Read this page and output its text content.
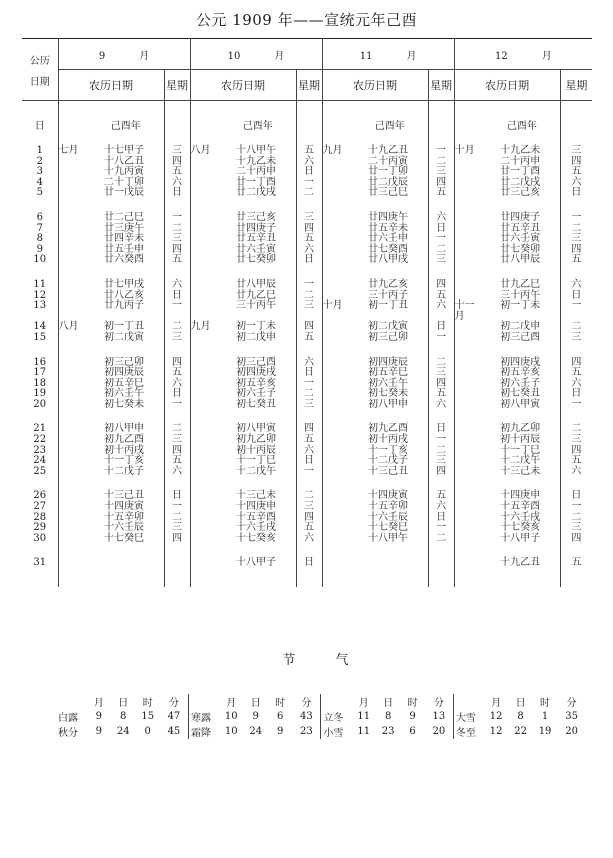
公元 1909 年——宣统元年己酉
公历
日期	9 月				10 月				11 月				12 月			
	农历日期			星期	农历日期			星期	农历日期			星期	农历日期			星期
日		己酉年				己酉年				己酉年				己酉年		

1	七月	十七	甲子	三	八月	十八	甲午	五	九月	十九	乙丑	一	十月	十九	乙未	三
2		十八	乙丑	四		十九	乙未	六		二十	丙寅	二		二十	丙申	四
3		十九	丙寅	五		二十	丙申	日		廿一	丁卯	三		廿一	丁酉	五
4		二十	丁卯	六		廿一	丁酉	一		廿二	戊辰	四		廿二	戊戌	六
5		廿一	戊辰	日		廿二	戊戌	二		廿三	己巳	五		廿三	己亥	日

6		廿二	己巳	一		廿三	己亥	三		廿四	庚午	六		廿四	庚子	一
7		廿三	庚午	二		廿四	庚子	四		廿五	辛未	日		廿五	辛丑	二
8		廿四	辛未	三		廿五	辛丑	五		廿六	壬申	一		廿六	壬寅	三
9		廿五	壬申	四		廿六	壬寅	六		廿七	癸酉	二		廿七	癸卯	四
10		廿六	癸酉	五		廿七	癸卯	日		廿八	甲戌	三		廿八	甲辰	五

11		廿七	甲戌	六		廿八	甲辰	一		廿九	乙亥	四		廿九	乙巳	六
12		廿八	乙亥	日		廿九	乙巳	二		三十	丙子	五		三十	丙午	日
13		廿九	丙子	一		三十	丙午	三	十月	初一	丁丑	六	十一月	初一	丁未	一
14	八月	初一	丁丑	二	九月	初一	丁未	四		初二	戊寅	日		初二	戊申	二
15		初二	戊寅	三		初二	戊申	五		初三	己卯	一		初三	己酉	三

16		初三	己卯	四		初三	己酉	六		初四	庚辰	二		初四	庚戌	四
17		初四	庚辰	五		初四	庚戌	日		初五	辛巳	三		初五	辛亥	五
18		初五	辛巳	六		初五	辛亥	一		初六	壬午	四		初六	壬子	六
19		初六	壬午	日		初六	壬子	二		初七	癸未	五		初七	癸丑	日
20		初七	癸未	一		初七	癸丑	三		初八	甲申	六		初八	甲寅	一

21		初八	甲申	二		初八	甲寅	四		初九	乙酉	日		初九	乙卯	二
22		初九	乙酉	三		初九	乙卯	五		初十	丙戌	一		初十	丙辰	三
23		初十	丙戌	四		初十	丙辰	六		十一	丁亥	二		十一	丁巳	四
24		十一	丁亥	五		十一	丁巳	日		十二	戊子	三		十二	戊午	五
25		十二	戊子	六		十二	戊午	一		十三	己丑	四		十三	己未	六

26		十三	己丑	日		十三	己未	二		十四	庚寅	五		十四	庚申	日
27		十四	庚寅	一		十四	庚申	三		十五	辛卯	六		十五	辛酉	一
28		十五	辛卯	二		十五	辛酉	四		十六	壬辰	日		十六	壬戌	二
29		十六	壬辰	三		十六	壬戌	五		十七	癸巳	一		十七	癸亥	三
30		十七	癸巳	四		十七	癸亥	六		十八	甲午	二		十八	甲子	四

31						十八	甲子	日						十九	乙丑	五

节 气
	月	日	时	分		月	日	时	分		月	日	时	分		月	日	时	分
白露	9	8	15	47	寒露	10	9	6	43	立冬	11	8	9	13	大雪	12	8	1	35
秋分	9	24	0	45	霜降	10	24	9	23	小雪	11	23	6	20	冬至	12	22	19	20
